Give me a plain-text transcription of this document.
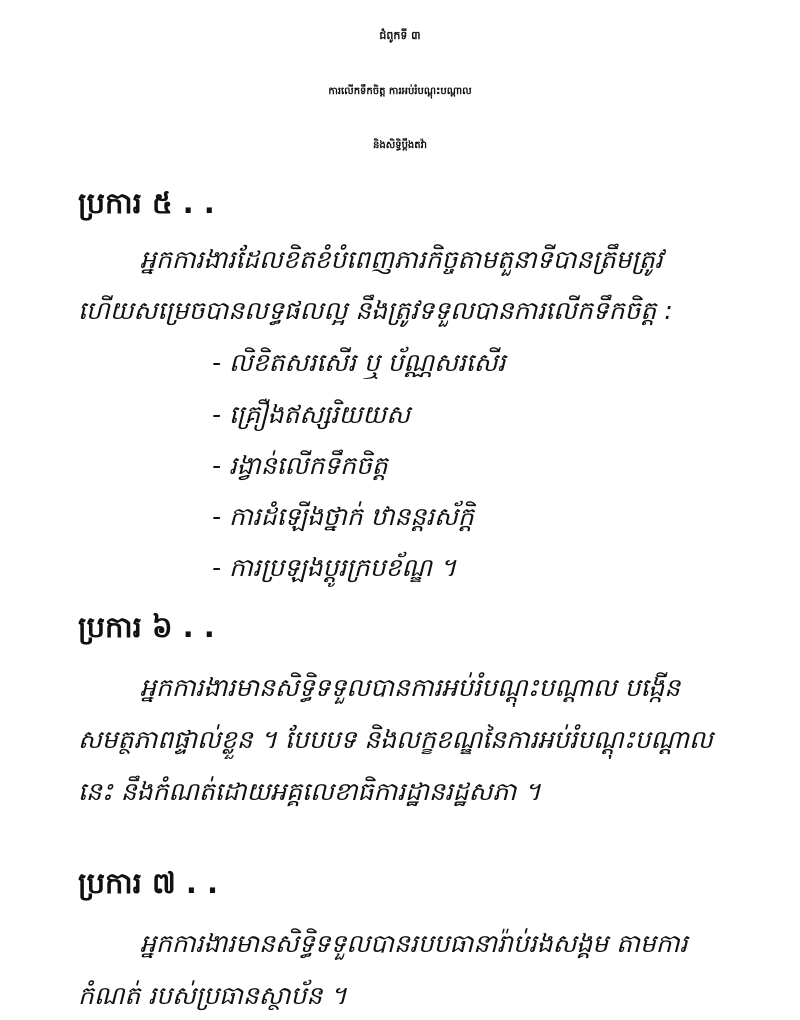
ជំពូកទី ៣
ការលើកទឹកចិត្ត ការអប់រំបណ្តុះបណ្តាល
និងសិទ្ធិប្តឹងតវ៉ា
ប្រការ ៥ . .
អ្នកការងារដែលខិតខំបំពេញភារកិច្ចតាមតួនាទីបានត្រឹមត្រូវ
ហើយសម្រេចបានលទ្ធផលល្អ នឹងត្រូវទទួលបានការលើកទឹកចិត្ត :
- លិខិតសរសើរ ឬ ប័ណ្ណសរសើរ
- គ្រឿងឥស្សរិយយស
- រង្វាន់លើកទឹកចិត្ត
- ការដំឡើងថ្នាក់ ឋានន្តរស័ក្តិ
- ការប្រឡងប្តូរក្របខ័ណ្ឌ ។
ប្រការ ៦ . .
អ្នកការងារមានសិទ្ធិទទួលបានការអប់រំបណ្តុះបណ្តាល បង្កើន
សមត្ថភាពផ្ទាល់ខ្លួន ។ បែបបទ និងលក្ខខណ្ឌនៃការអប់រំបណ្តុះបណ្តាល
នេះ នឹងកំណត់ដោយអគ្គលេខាធិការដ្ឋានរដ្ឋសភា ។
ប្រការ ៧ . .
អ្នកការងារមានសិទ្ធិទទួលបានរបបធានារ៉ាប់រងសង្គម តាមការ
កំណត់ របស់ប្រធានស្ថាប័ន ។
